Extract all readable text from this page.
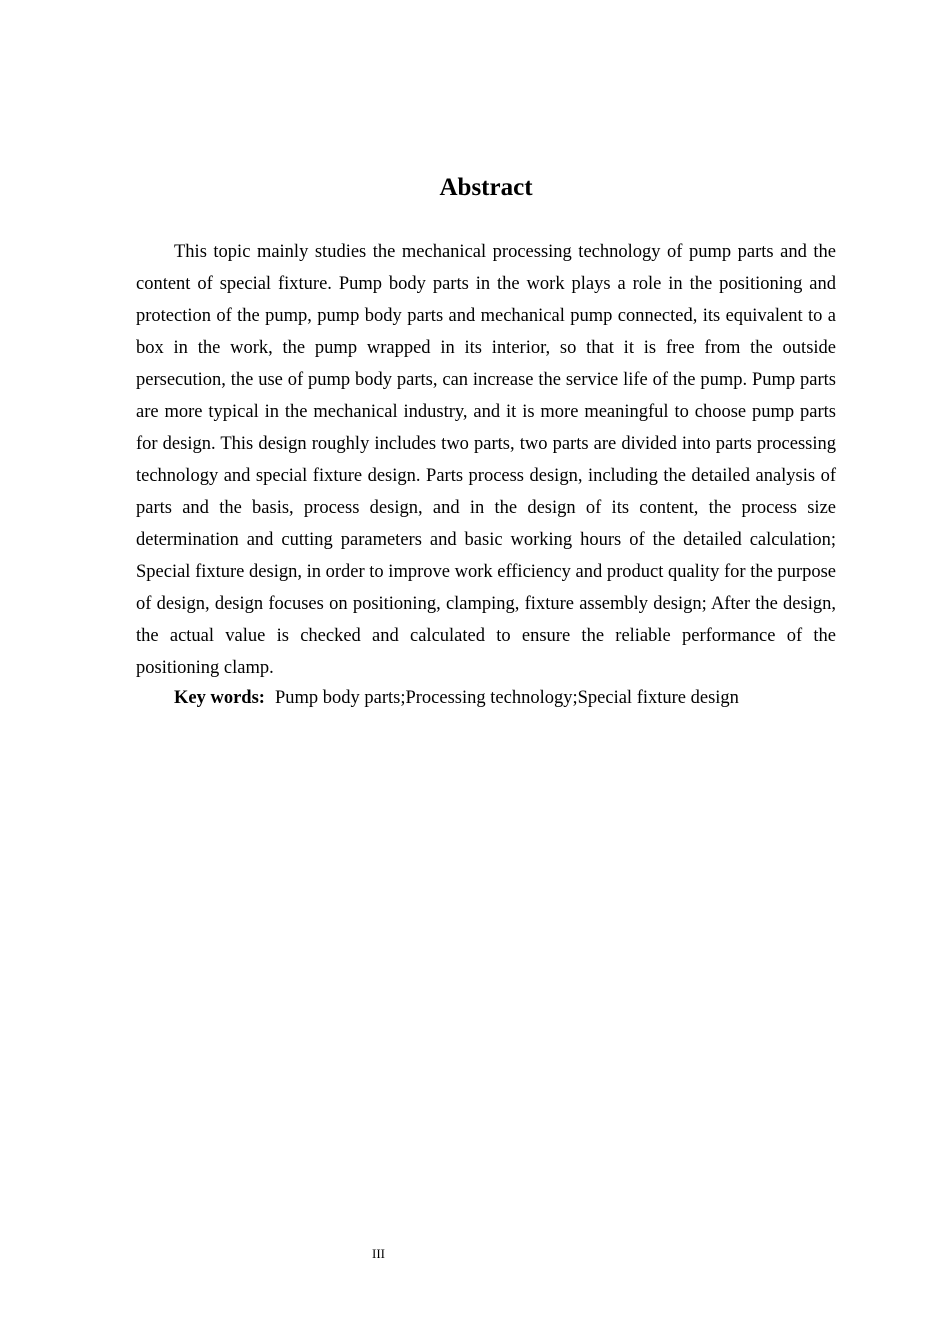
Abstract

This topic mainly studies the mechanical processing technology of pump parts and the content of special fixture. Pump body parts in the work plays a role in the positioning and protection of the pump, pump body parts and mechanical pump connected, its equivalent to a box in the work, the pump wrapped in its interior, so that it is free from the outside persecution, the use of pump body parts, can increase the service life of the pump. Pump parts are more typical in the mechanical industry, and it is more meaningful to choose pump parts for design. This design roughly includes two parts, two parts are divided into parts processing technology and special fixture design. Parts process design, including the detailed analysis of parts and the basis, process design, and in the design of its content, the process size determination and cutting parameters and basic working hours of the detailed calculation; Special fixture design, in order to improve work efficiency and product quality for the purpose of design, design focuses on positioning, clamping, fixture assembly design; After the design, the actual value is checked and calculated to ensure the reliable performance of the positioning clamp.

Key words: Pump body parts;Processing technology;Special fixture design
III
